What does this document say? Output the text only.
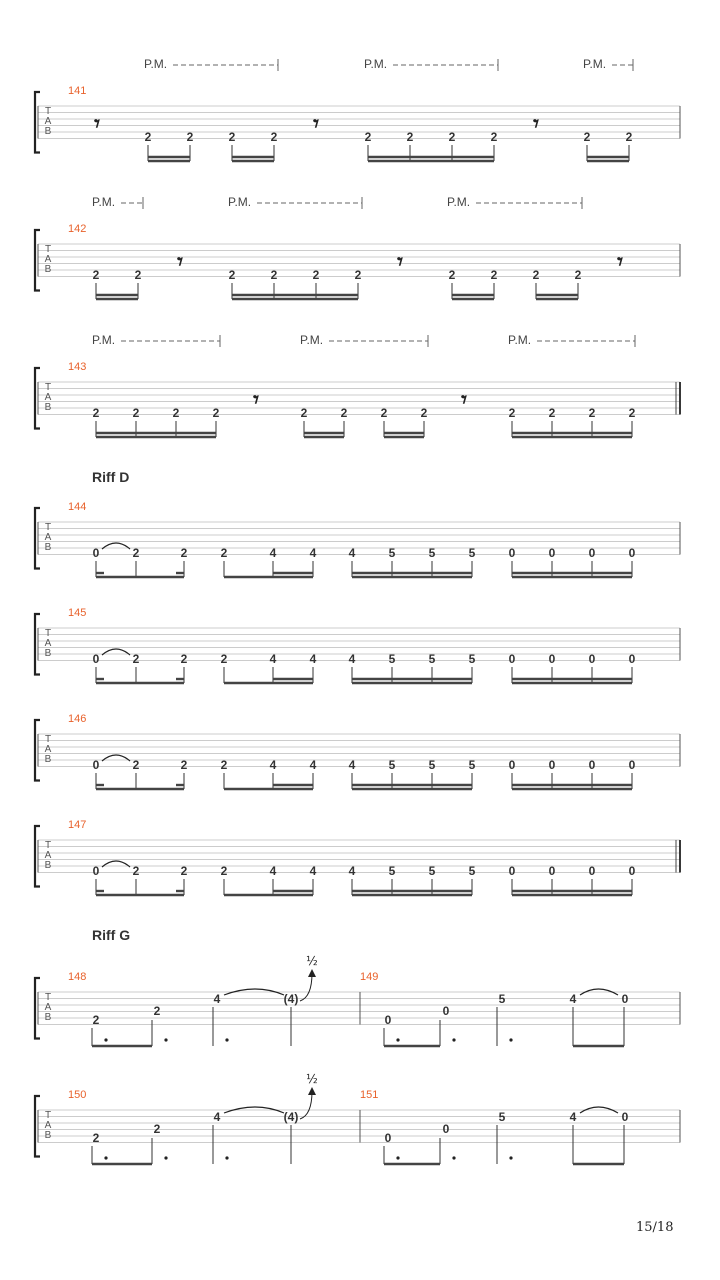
T
A
B
141
P.M.	P.M.	P.M.
𝄾	𝄾	𝄾
2	2	2	2	2	2	2	2	2	2
T
A
B
142
P.M.	P.M.	P.M.
𝄾	𝄾	𝄾
2	2	2	2	2	2	2	2	2	2
T
A
B
143
P.M.	P.M.	P.M.
𝄾	𝄾
2	2	2	2	2	2	2	2	2	2	2	2
Riff D
T
A
B
144
0	2	2	2	4	4	4	5	5	5	0	0	0	0
T
A
B
145
0	2	2	2	4	4	4	5	5	5	0	0	0	0
T
A
B
146
0	2	2	2	4	4	4	5	5	5	0	0	0	0
T
A
B
147
0	2	2	2	4	4	4	5	5	5	0	0	0	0
Riff G
T
A
B
148	149
2
2
4	(4)
½
0
0
5	4	0
T
A
B
150	151
2
2
4	(4)
½
0
0
5	4	0
15/18
